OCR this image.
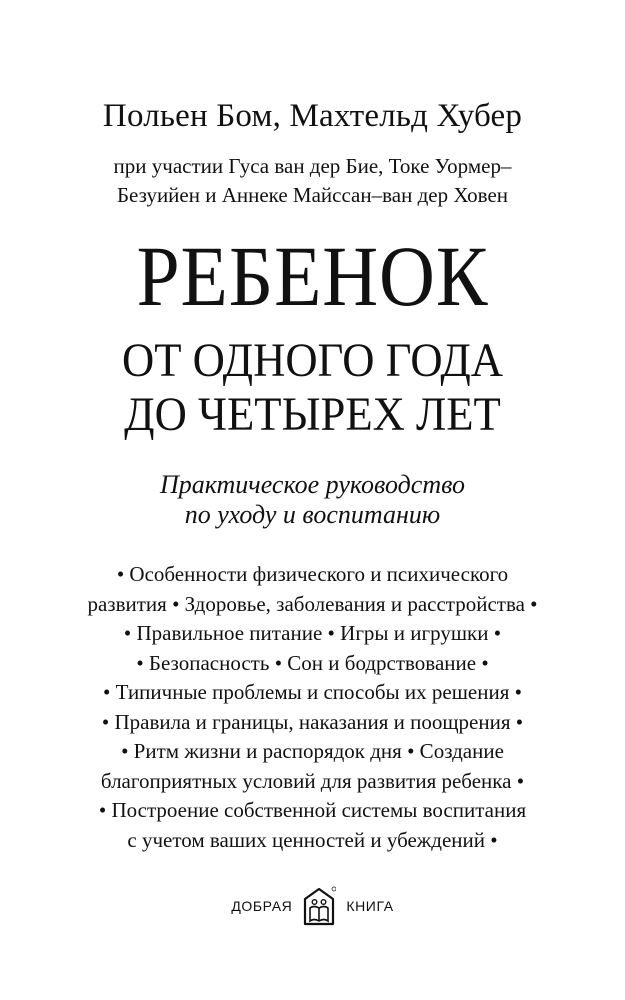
Польен Бом, Махтельд Хубер
при участии Гуса ван дер Бие, Токе Уормер–
Безуийен и Аннеке Майссан–ван дер Ховен
РЕБЕНОК
ОТ ОДНОГО ГОДА
ДО ЧЕТЫРЕХ ЛЕТ
Практическое руководство
по уходу и воспитанию
• Особенности физического и психического
развития • Здоровье, заболевания и расстройства •
• Правильное питание • Игры и игрушки •
• Безопасность • Сон и бодрствование •
• Типичные проблемы и способы их решения •
• Правила и границы, наказания и поощрения •
• Ритм жизни и распорядок дня • Создание
благоприятных условий для развития ребенка •
• Построение собственной системы воспитания
с учетом ваших ценностей и убеждений •
ДОБРАЯ	КНИГА
